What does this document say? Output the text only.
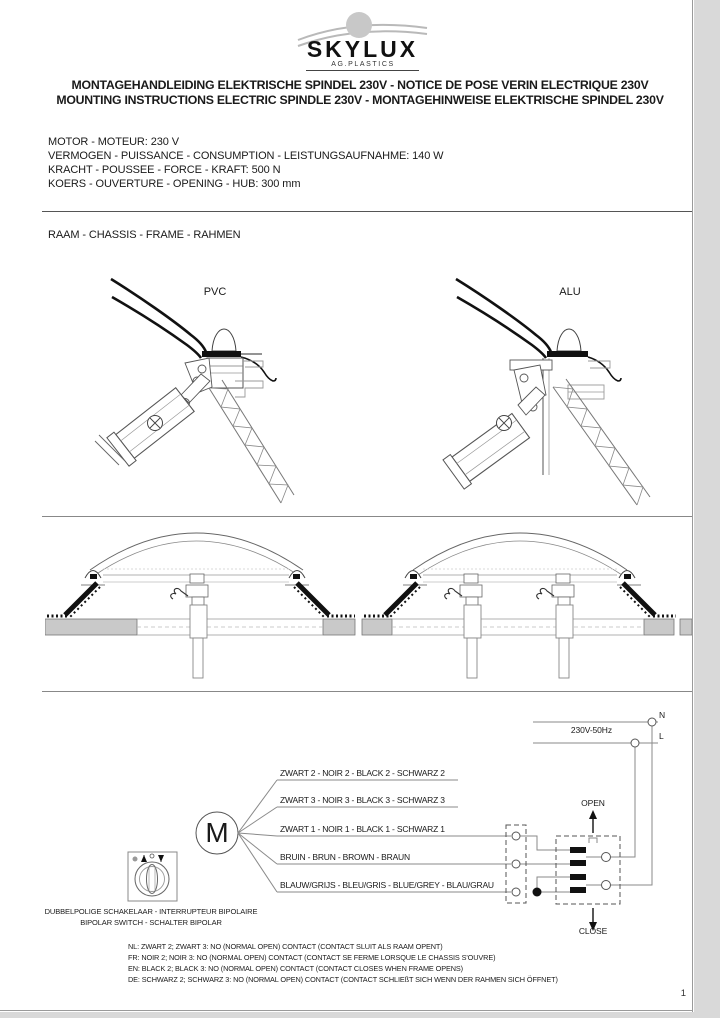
SKYLUX
AG.PLASTICS
MONTAGEHANDLEIDING ELEKTRISCHE SPINDEL 230V - NOTICE DE POSE VERIN ELECTRIQUE 230V
MOUNTING INSTRUCTIONS ELECTRIC SPINDLE 230V - MONTAGEHINWEISE ELEKTRISCHE SPINDEL 230V
MOTOR - MOTEUR: 230 V
VERMOGEN - PUISSANCE - CONSUMPTION - LEISTUNGSAUFNAHME: 140 W
KRACHT - POUSSEE - FORCE - KRAFT: 500 N
KOERS - OUVERTURE - OPENING - HUB: 300 mm
RAAM - CHASSIS - FRAME - RAHMEN
PVC	ALU
230V-50Hz
N
L
M
ZWART 2 - NOIR 2 - BLACK 2 - SCHWARZ 2
ZWART 3 - NOIR 3 - BLACK 3 - SCHWARZ 3
ZWART 1 - NOIR 1 - BLACK 1 - SCHWARZ 1
BRUIN - BRUN - BROWN - BRAUN
BLAUW/GRIJS - BLEU/GRIS - BLUE/GREY - BLAU/GRAU
OPEN
CLOSE
DUBBELPOLIGE SCHAKELAAR - INTERRUPTEUR BIPOLAIRE
BIPOLAR SWITCH - SCHALTER BIPOLAR
NL: ZWART 2; ZWART 3: NO (NORMAL OPEN) CONTACT (CONTACT SLUIT ALS RAAM OPENT)
FR: NOIR 2; NOIR 3: NO (NORMAL OPEN) CONTACT (CONTACT SE FERME LORSQUE LE CHASSIS S'OUVRE)
EN: BLACK 2; BLACK 3: NO (NORMAL OPEN) CONTACT (CONTACT CLOSES WHEN FRAME OPENS)
DE: SCHWARZ 2; SCHWARZ 3: NO (NORMAL OPEN) CONTACT (CONTACT SCHLIEßT SICH WENN DER RAHMEN SICH ÖFFNET)
1
